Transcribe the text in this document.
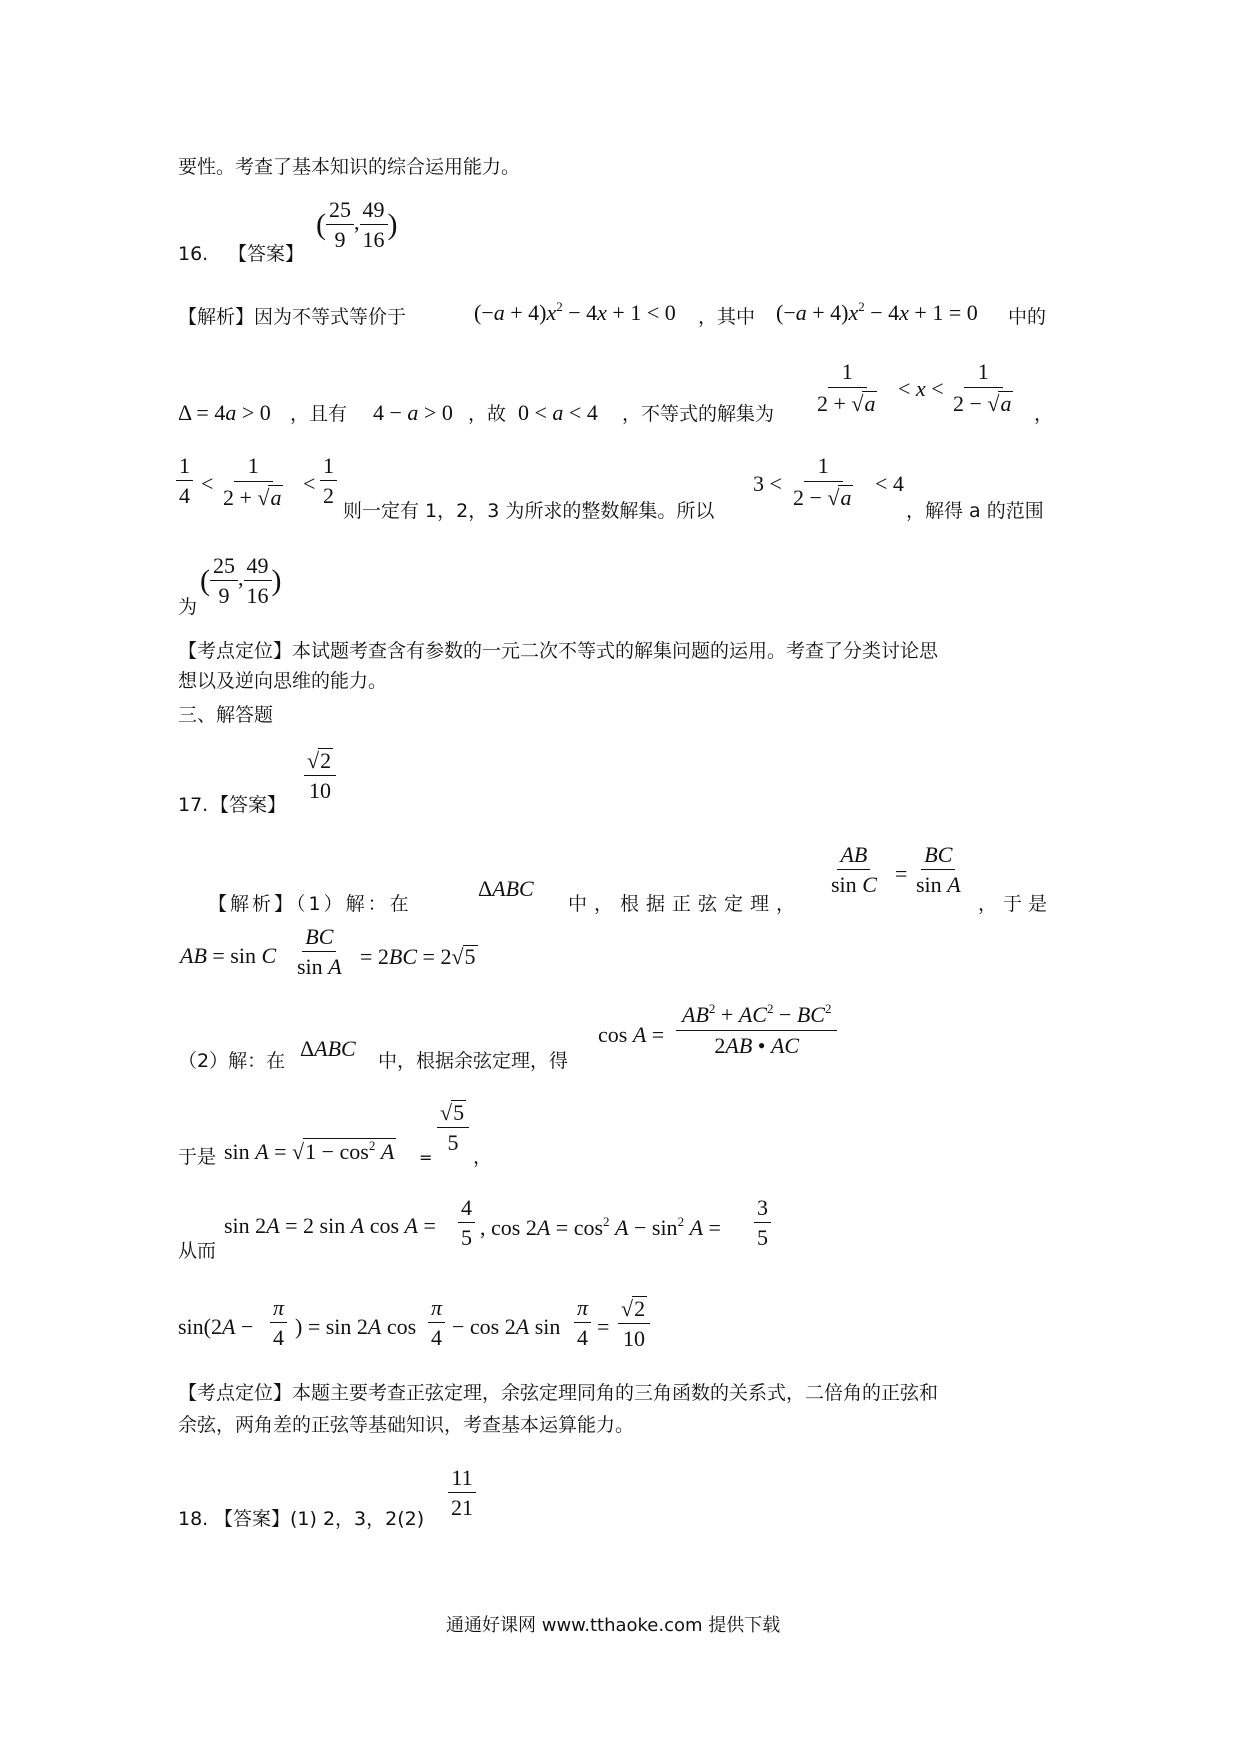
要性。考查了基本知识的综合运用能力。
16. 【答案】
( $\frac{25}{9}$ , $\frac{49}{16}$ )
【解析】因为不等式等价于	$(-a + 4)x^2 - 4x + 1 < 0$ ，其中 $(-a + 4)x^2 - 4x + 1 = 0$ 中的
Δ = 4a > 0 ，且有 4 − a > 0 ，故 0 < a < 4 ，不等式的解集为
1
2 + √a
< x <
1
2 − √a ，
1
4 <
1
2 + √a
<
1
2
则一定有 1，2，3 为所求的整数解集。所以
3 <
1
2 − √a
< 4
，解得 a 的范围
为
( $\frac{25}{9}$ , $\frac{49}{16}$ )
【考点定位】本试题考查含有参数的一元二次不等式的解集问题的运用。考查了分类讨论思
想以及逆向思维的能力。
三、解答题
17. 【答案】
√2
10
【解析】（1）解：在
ΔABC
中，根据正弦定理，
AB
sin C =
BC
sin A
，于是
AB = sin C
BC
sin A = 2BC = 2√5
（2）解：在 ΔABC 中，根据余弦定理，得
cos A =
$AB^2 + AC^2 - BC^2$
2AB • AC
于是 $\sin A = √1 - \cos^2 A$ =
√5
5
，
从而
sin 2A = 2 sin A cos A =
4
5 , $\cos 2A = \cos^2 A - \sin^2 A$ =
3
5
sin(2A −
π
4 ) = sin 2A cos
π
4 − cos 2A sin
π
4 =
√2
10
【考点定位】本题主要考查正弦定理，余弦定理同角的三角函数的关系式，二倍角的正弦和
余弦，两角差的正弦等基础知识，考查基本运算能力。
18. 【答案】(1) 2，3，2(2)
11
21
通通好课网 www.tthaoke.com 提供下载
